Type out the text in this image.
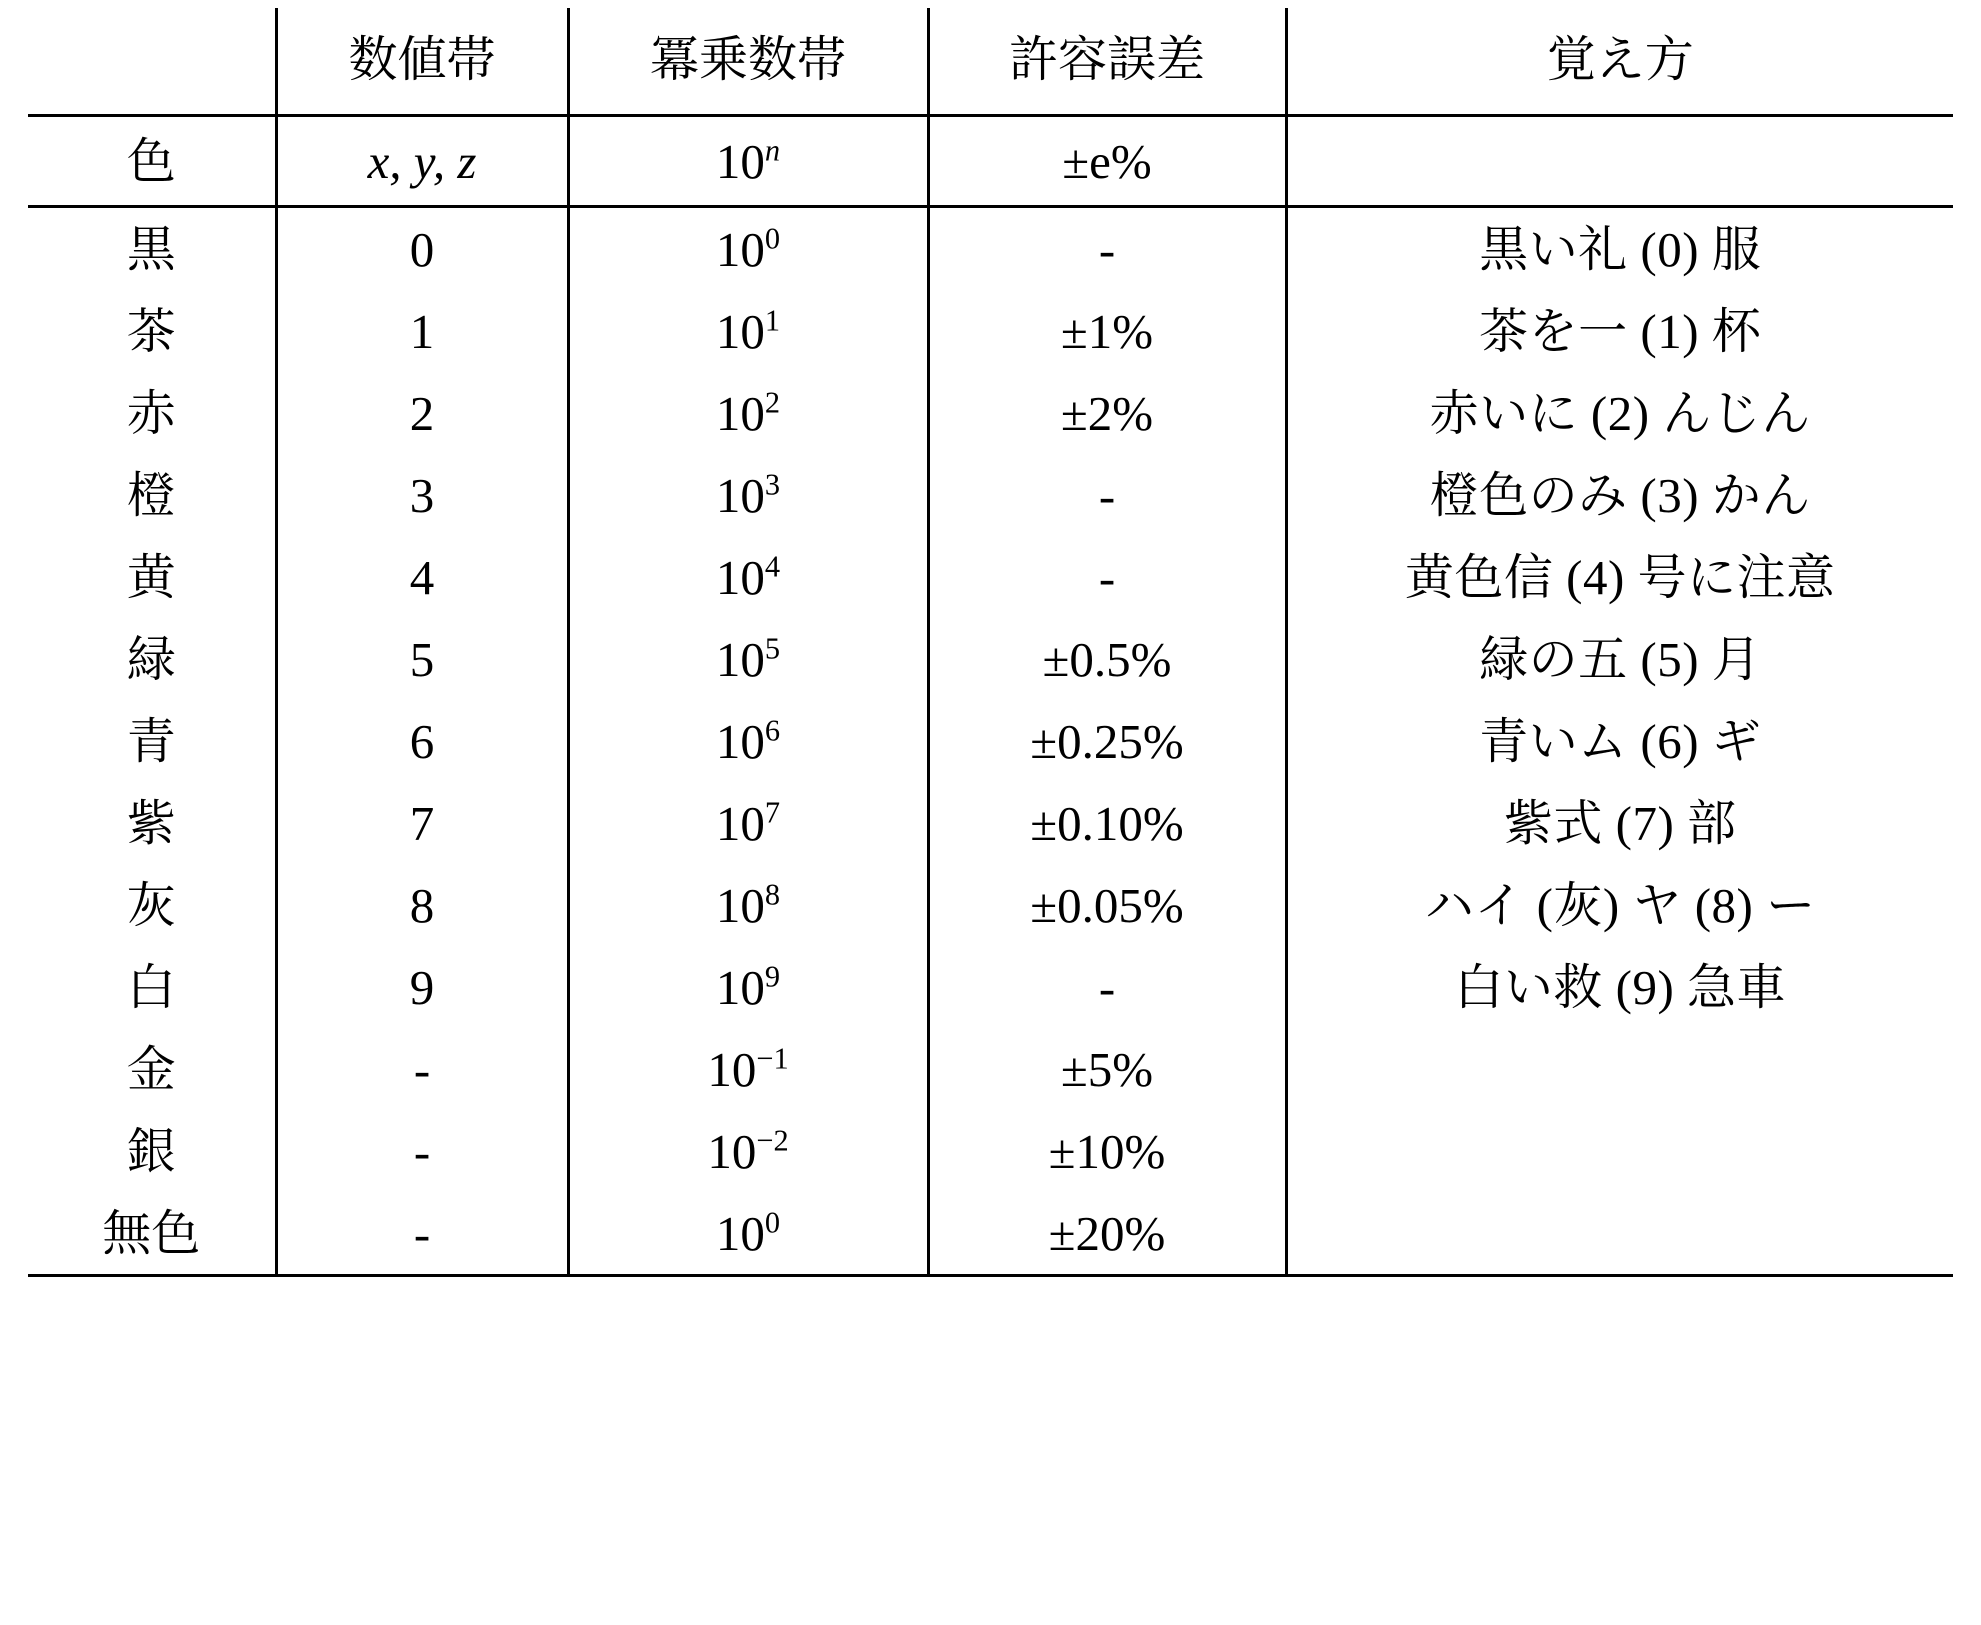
	数値帯	冪乗数帯	許容誤差	覚え方
色	x, y, z	$10^n$	±e%	
黒	0	$10^0$	-	黒い礼 (0) 服
茶	1	$10^1$	±1%	茶を一 (1) 杯
赤	2	$10^2$	±2%	赤いに (2) んじん
橙	3	$10^3$	-	橙色のみ (3) かん
黄	4	$10^4$	-	黄色信 (4) 号に注意
緑	5	$10^5$	±0.5%	緑の五 (5) 月
青	6	$10^6$	±0.25%	青いム (6) ギ
紫	7	$10^7$	±0.10%	紫式 (7) 部
灰	8	$10^8$	±0.05%	ハイ (灰) ヤ (8) ー
白	9	$10^9$	-	白い救 (9) 急車
金	-	$10^{-1}$	±5%	
銀	-	$10^{-2}$	±10%	
無色	-	$10^0$	±20%	
